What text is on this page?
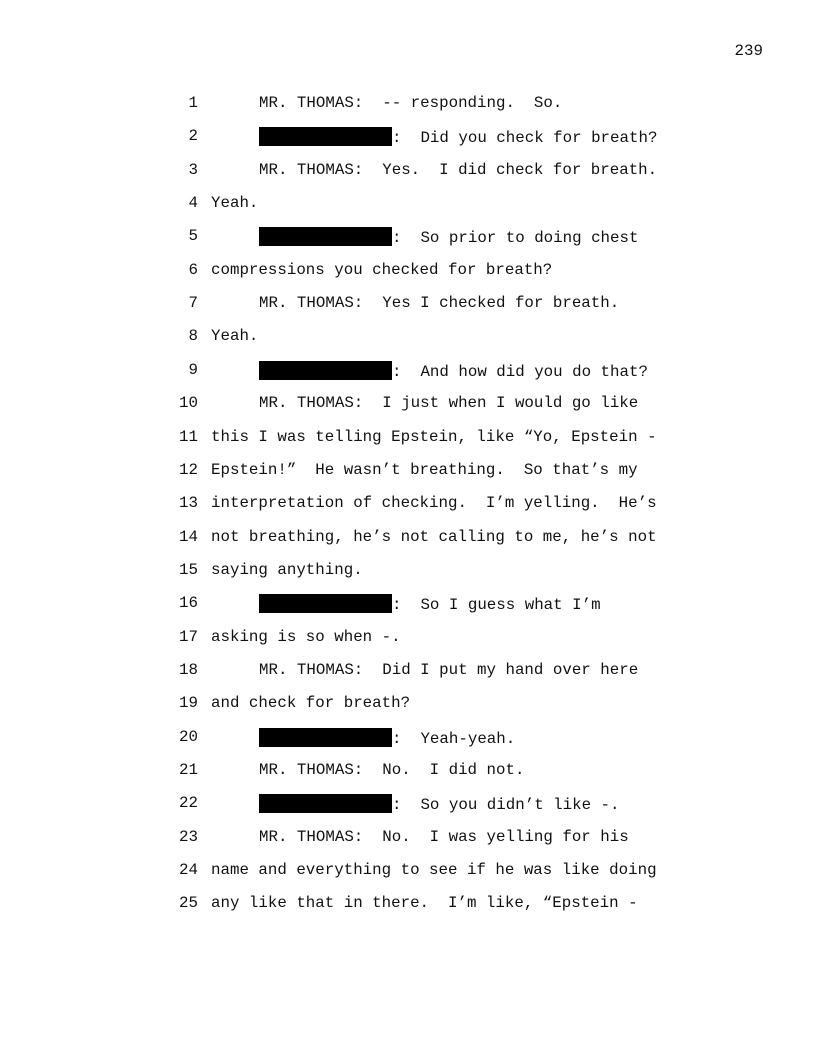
239
1	MR. THOMAS:  -- responding.  So.
2	:  Did you check for breath?
3	MR. THOMAS:  Yes.  I did check for breath.
4 Yeah.
5	:  So prior to doing chest
6 compressions you checked for breath?
7	MR. THOMAS:  Yes I checked for breath.
8 Yeah.
9	:  And how did you do that?
10	MR. THOMAS:  I just when I would go like
11 this I was telling Epstein, like “Yo, Epstein -
12 Epstein!”  He wasn’t breathing.  So that’s my
13 interpretation of checking.  I’m yelling.  He’s
14 not breathing, he’s not calling to me, he’s not
15 saying anything.
16	:  So I guess what I’m
17 asking is so when -.
18	MR. THOMAS:  Did I put my hand over here
19 and check for breath?
20	:  Yeah-yeah.
21	MR. THOMAS:  No.  I did not.
22	:  So you didn’t like -.
23	MR. THOMAS:  No.  I was yelling for his
24 name and everything to see if he was like doing
25 any like that in there.  I’m like, “Epstein -
